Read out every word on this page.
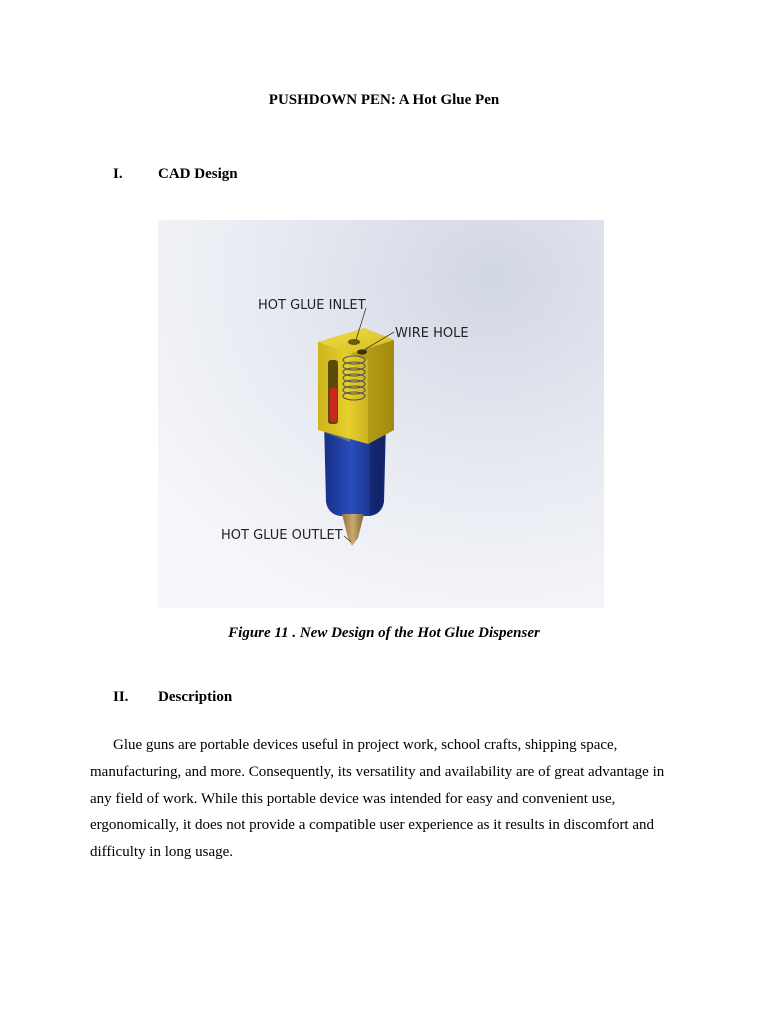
PUSHDOWN PEN: A Hot Glue Pen
I. CAD Design
HOT GLUE INLET
WIRE HOLE
HOT GLUE OUTLET
Figure 11 . New Design of the Hot Glue Dispenser
II. Description

Glue guns are portable devices useful in project work, school crafts, shipping space, manufacturing, and more. Consequently, its versatility and availability are of great advantage in any field of work. While this portable device was intended for easy and convenient use, ergonomically, it does not provide a compatible user experience as it results in discomfort and difficulty in long usage.
